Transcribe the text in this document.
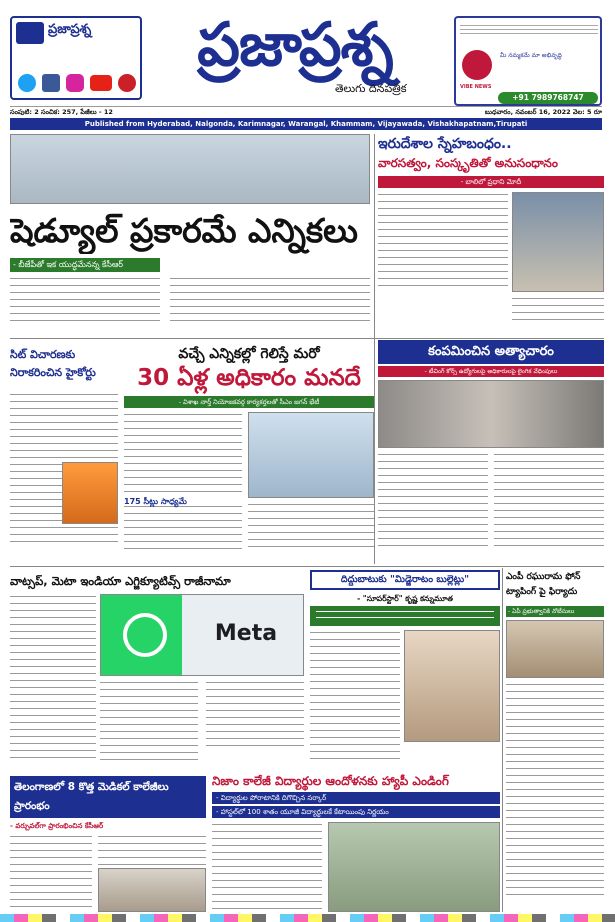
ప్రజాప్రశ్న	ప్రజాప్రశ్న
తెలుగు దినపత్రిక	VIBE NEWS
మీ నమ్మకమే మా అభివృద్ధి
+91 7989768747
సంపుటి: 2 సంచిక: 257, పేజీలు - 12	బుధవారం, నవంబర్ 16, 2022 వెల: 5 రూ
Published from Hyderabad, Nalgonda, Karimnagar, Warangal, Khammam, Vijayawada, Vishakhapatnam,Tirupati
షెడ్యూల్ ప్రకారమే ఎన్నికలు
- బీజేపీతో ఇక యుద్ధమేనన్న కేసీఆర్
ఇరుదేశాల స్నేహబంధం..
వారసత్వం, సంస్కృతితో అనుసంధానం
- బాలిలో ప్రధాని మోదీ
సిట్ విచారణకు నిరాకరించిన హైకోర్టు
వచ్చే ఎన్నికల్లో గెలిస్తే మరో
30 ఏళ్ల అధికారం మనదే
- విశాఖ నార్త్ నియోజకవర్గ కార్యకర్తలతో సీఎం జగన్ భేటీ
175 సీట్లు సాధ్యమే
కంపమించిన అత్యాచారం
- టీచింగ్ కోర్స్ ఉద్యోగులపై అధికారులపై లైంగిక వేధింపులు
వాట్సప్, మెటా ఇండియా ఎగ్జిక్యూటివ్స్ రాజీనామా
Meta
దిద్దుబాటుకు "మిడ్జెరాటం బుల్లెట్లు"
- "సూపర్‌స్టార్" కృష్ణ కన్నుమూత
ఎంపీ రఘురామ ఫోన్ ట్యాపింగ్ పై ఫిర్యాదు
- ఏపీ ప్రభుత్వానికి నోటీసులు
తెలంగాణలో 8 కొత్త మెడికల్ కాలేజీలు ప్రారంభం
- వర్చువల్‌గా ప్రారంభించిన కేసీఆర్
నిజాం కాలేజీ విద్యార్థుల ఆందోళనకు హ్యాపీ ఎండింగ్
- విద్యార్థుల పోరాటానికి దిగొచ్చిన సర్కార్
- హాస్టల్‌లో 100 శాతం యూజీ విద్యార్థులకే కేటాయింపు నిర్ణయం
